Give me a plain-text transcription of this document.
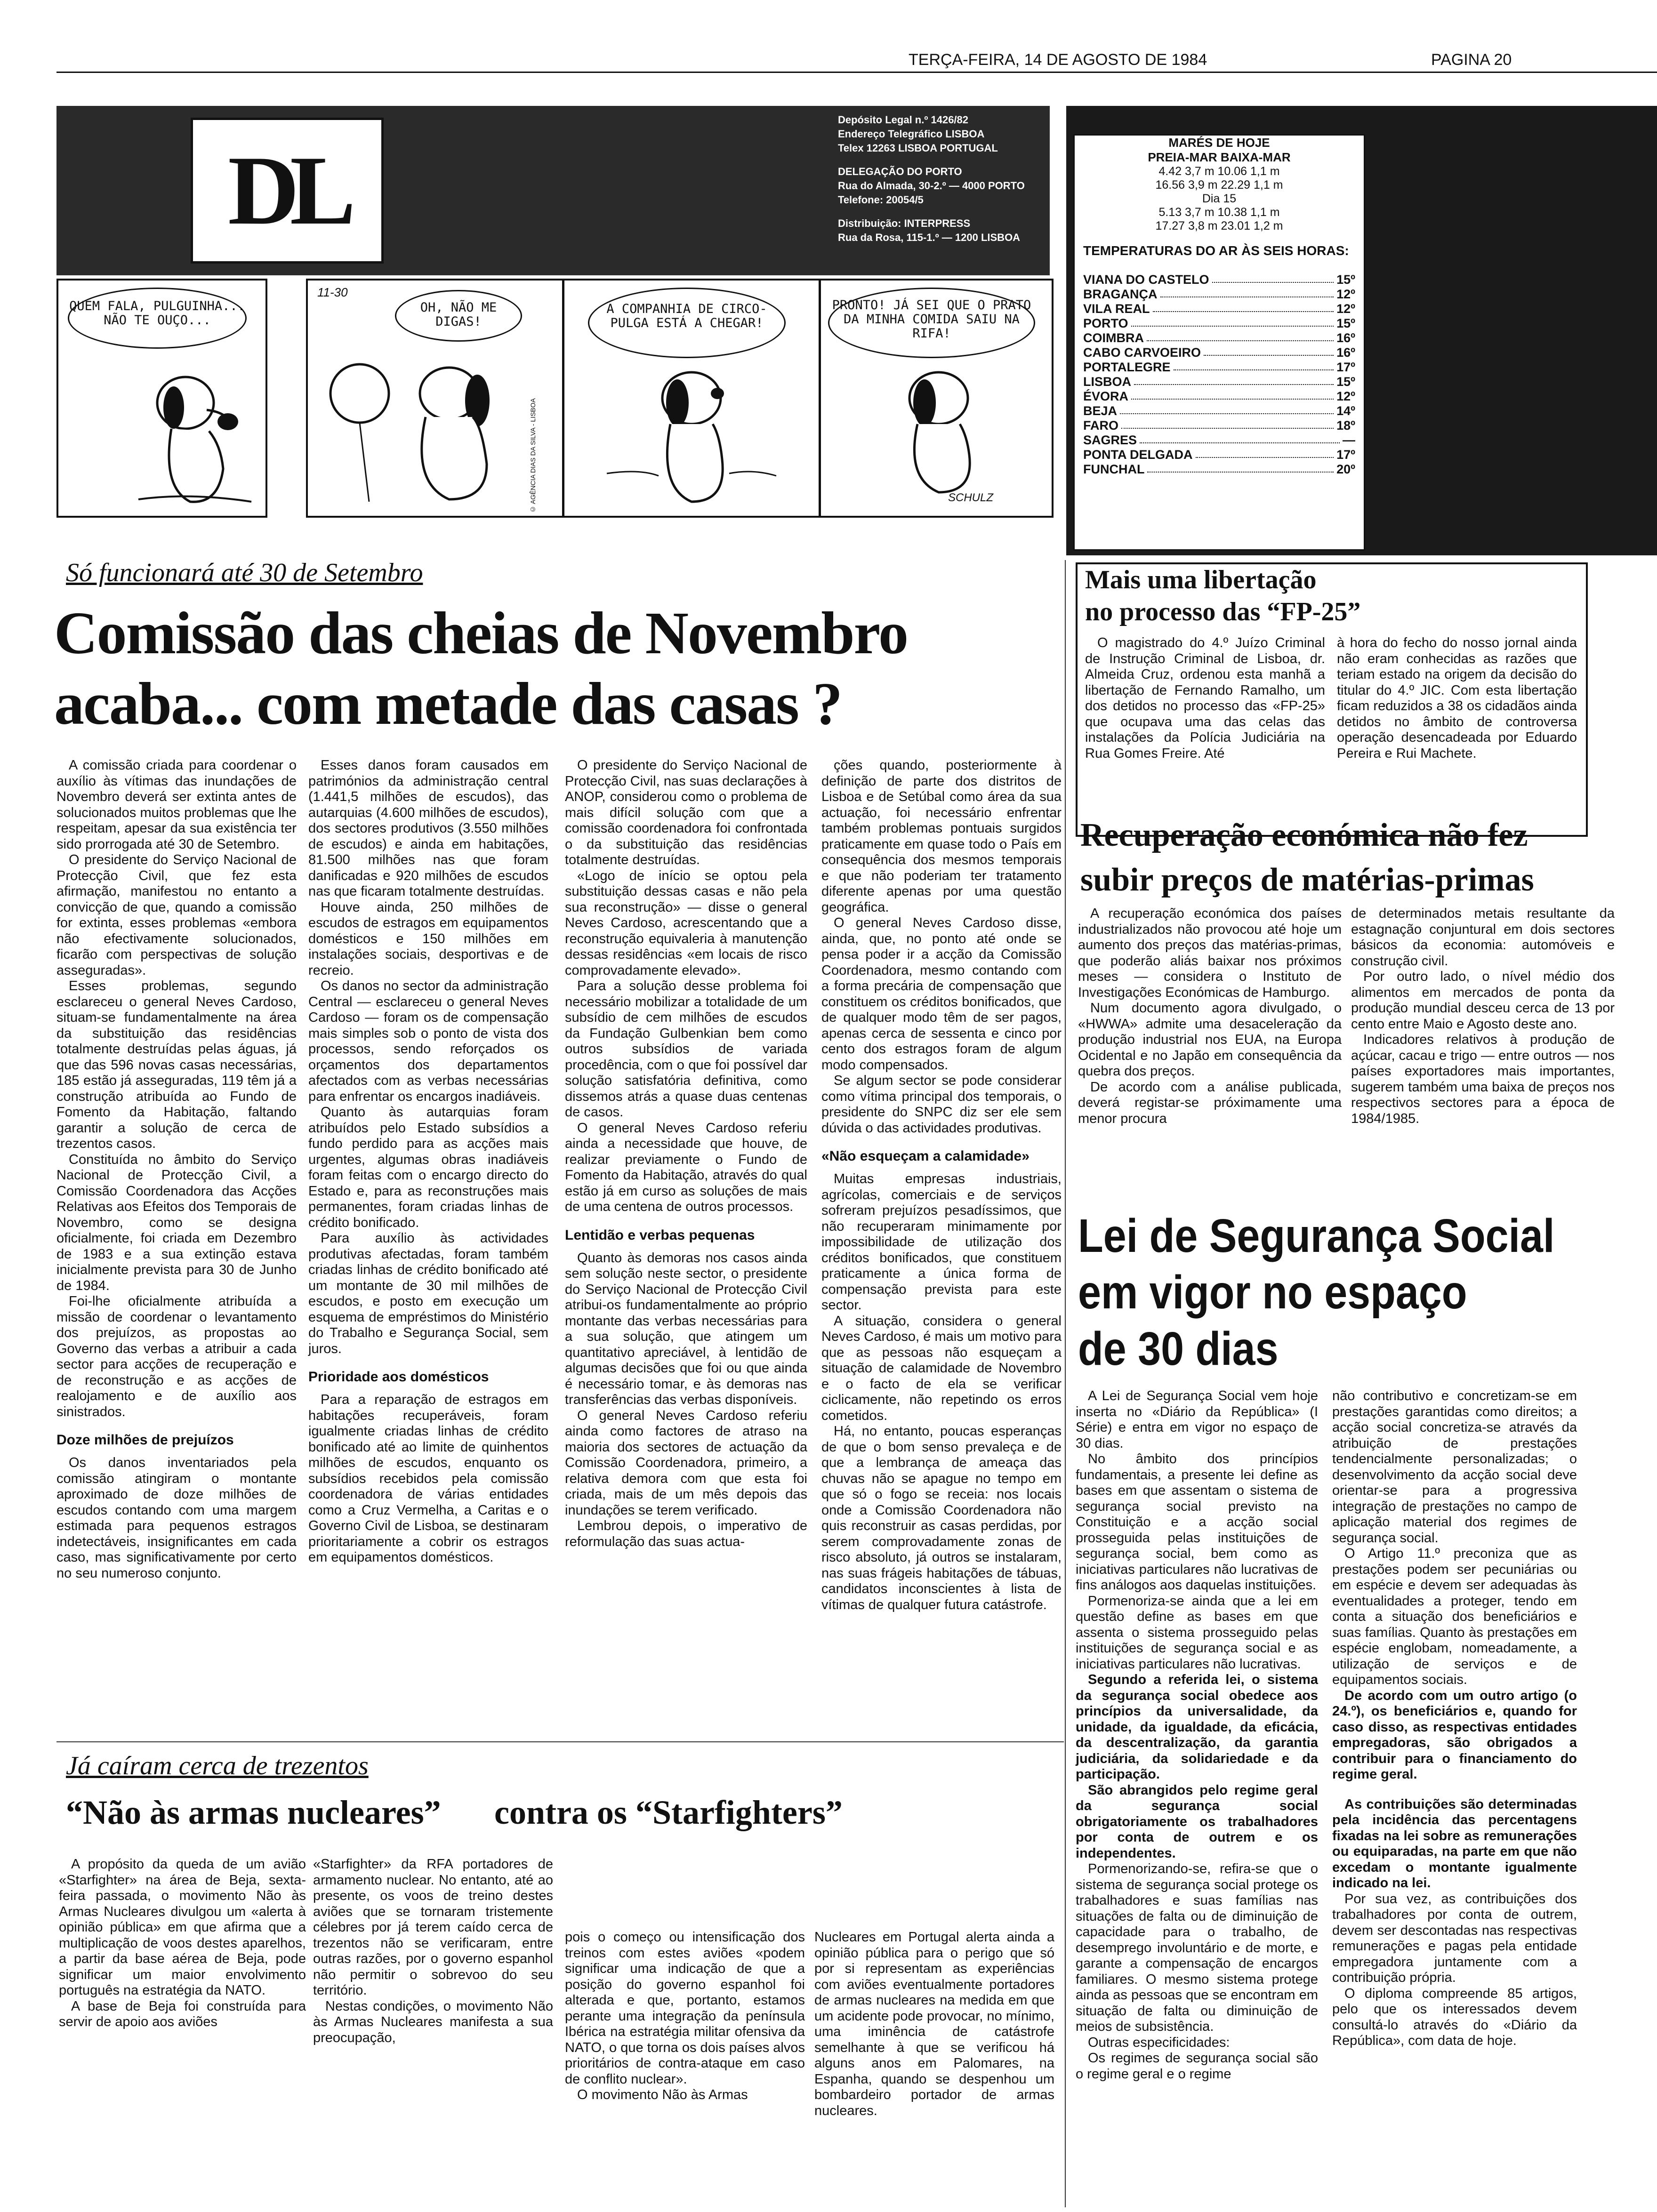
TERÇA-FEIRA, 14 DE AGOSTO DE 1984	PAGINA 20
DL
Depósito Legal n.º 1426/82
Endereço Telegráfico LISBOA
Telex 12263 LISBOA PORTUGAL
DELEGAÇÃO DO PORTO
Rua do Almada, 30-2.º — 4000 PORTO
Telefone: 20054/5
Distribuição: INTERPRESS
Rua da Rosa, 115-1.º — 1200 LISBOA
MARÉS DE HOJE
PREIA-MAR BAIXA-MAR
4.42 3,7 m 10.06 1,1 m
16.56 3,9 m 22.29 1,1 m
Dia 15
5.13 3,7 m 10.38 1,1 m
17.27 3,8 m 23.01 1,2 m
TEMPERATURAS DO AR ÀS SEIS HORAS:
VIANA DO CASTELO	15º
BRAGANÇA	12º
VILA REAL	12º
PORTO	15º
COIMBRA	16º
CABO CARVOEIRO	16º
PORTALEGRE	17º
LISBOA	15º
ÉVORA	12º
BEJA	14º
FARO	18º
SAGRES	—
PONTA DELGADA	17º
FUNCHAL	20º
QUEM FALA, PULGUINHA... NÃO TE OUÇO...
11-30
OH, NÃO ME DIGAS!
© AGÊNCIA DIAS DA SILVA - LISBOA
A COMPANHIA DE CIRCO-PULGA ESTÁ A CHEGAR!
PRONTO! JÁ SEI QUE O PRATO DA MINHA COMIDA SAIU NA RIFA!
SCHULZ
Só funcionará até 30 de Setembro
Comissão das cheias de Novembro
acaba... com metade das casas ?

A comissão criada para coordenar o auxílio às vítimas das inundações de Novembro deverá ser extinta antes de solucionados muitos problemas que lhe respeitam, apesar da sua existência ter sido prorrogada até 30 de Setembro.

O presidente do Serviço Nacional de Protecção Civil, que fez esta afirmação, manifestou no entanto a convicção de que, quando a comissão for extinta, esses problemas «embora não efectivamente solucionados, ficarão com perspectivas de solução asseguradas».

Esses problemas, segundo esclareceu o general Neves Cardoso, situam-se fundamentalmente na área da substituição das residências totalmente destruídas pelas águas, já que das 596 novas casas necessárias, 185 estão já asseguradas, 119 têm já a construção atribuída ao Fundo de Fomento da Habitação, faltando garantir a solução de cerca de trezentos casos.

Constituída no âmbito do Serviço Nacional de Protecção Civil, a Comissão Coordenadora das Acções Relativas aos Efeitos dos Temporais de Novembro, como se designa oficialmente, foi criada em Dezembro de 1983 e a sua extinção estava inicialmente prevista para 30 de Junho de 1984.

Foi-lhe oficialmente atribuída a missão de coordenar o levantamento dos prejuízos, as propostas ao Governo das verbas a atribuir a cada sector para acções de recuperação e de reconstrução e as acções de realojamento e de auxílio aos sinistrados.

Doze milhões de prejuízos

Os danos inventariados pela comissão atingiram o montante aproximado de doze milhões de escudos contando com uma margem estimada para pequenos estragos indetectáveis, insignificantes em cada caso, mas significativamente por certo no seu numeroso conjunto.

Esses danos foram causados em patrimónios da administração central (1.441,5 milhões de escudos), das autarquias (4.600 milhões de escudos), dos sectores produtivos (3.550 milhões de escudos) e ainda em habitações, 81.500 milhões nas que foram danificadas e 920 milhões de escudos nas que ficaram totalmente destruídas.

Houve ainda, 250 milhões de escudos de estragos em equipamentos domésticos e 150 milhões em instalações sociais, desportivas e de recreio.

Os danos no sector da administração Central — esclareceu o general Neves Cardoso — foram os de compensação mais simples sob o ponto de vista dos processos, sendo reforçados os orçamentos dos departamentos afectados com as verbas necessárias para enfrentar os encargos inadiáveis.

Quanto às autarquias foram atribuídos pelo Estado subsídios a fundo perdido para as acções mais urgentes, algumas obras inadiáveis foram feitas com o encargo directo do Estado e, para as reconstruções mais permanentes, foram criadas linhas de crédito bonificado.

Para auxílio às actividades produtivas afectadas, foram também criadas linhas de crédito bonificado até um montante de 30 mil milhões de escudos, e posto em execução um esquema de empréstimos do Ministério do Trabalho e Segurança Social, sem juros.

Prioridade aos domésticos

Para a reparação de estragos em habitações recuperáveis, foram igualmente criadas linhas de crédito bonificado até ao limite de quinhentos milhões de escudos, enquanto os subsídios recebidos pela comissão coordenadora de várias entidades como a Cruz Vermelha, a Caritas e o Governo Civil de Lisboa, se destinaram prioritariamente a cobrir os estragos em equipamentos domésticos.

O presidente do Serviço Nacional de Protecção Civil, nas suas declarações à ANOP, considerou como o problema de mais difícil solução com que a comissão coordenadora foi confrontada o da substituição das residências totalmente destruídas.

«Logo de início se optou pela substituição dessas casas e não pela sua reconstrução» — disse o general Neves Cardoso, acrescentando que a reconstrução equivaleria à manutenção dessas residências «em locais de risco comprovadamente elevado».

Para a solução desse problema foi necessário mobilizar a totalidade de um subsídio de cem milhões de escudos da Fundação Gulbenkian bem como outros subsídios de variada procedência, com o que foi possível dar solução satisfatória definitiva, como dissemos atrás a quase duas centenas de casos.

O general Neves Cardoso referiu ainda a necessidade que houve, de realizar previamente o Fundo de Fomento da Habitação, através do qual estão já em curso as soluções de mais de uma centena de outros processos.

Lentidão e verbas pequenas

Quanto às demoras nos casos ainda sem solução neste sector, o presidente do Serviço Nacional de Protecção Civil atribui-os fundamentalmente ao próprio montante das verbas necessárias para a sua solução, que atingem um quantitativo apreciável, à lentidão de algumas decisões que foi ou que ainda é necessário tomar, e às demoras nas transferências das verbas disponíveis.

O general Neves Cardoso referiu ainda como factores de atraso na maioria dos sectores de actuação da Comissão Coordenadora, primeiro, a relativa demora com que esta foi criada, mais de um mês depois das inundações se terem verificado.

Lembrou depois, o imperativo de reformulação das suas actua-

ções quando, posteriormente à definição de parte dos distritos de Lisboa e de Setúbal como área da sua actuação, foi necessário enfrentar também problemas pontuais surgidos praticamente em quase todo o País em consequência dos mesmos temporais e que não poderiam ter tratamento diferente apenas por uma questão geográfica.

O general Neves Cardoso disse, ainda, que, no ponto até onde se pensa poder ir a acção da Comissão Coordenadora, mesmo contando com a forma precária de compensação que constituem os créditos bonificados, que de qualquer modo têm de ser pagos, apenas cerca de sessenta e cinco por cento dos estragos foram de algum modo compensados.

Se algum sector se pode considerar como vítima principal dos temporais, o presidente do SNPC diz ser ele sem dúvida o das actividades produtivas.

«Não esqueçam a calamidade»

Muitas empresas industriais, agrícolas, comerciais e de serviços sofreram prejuízos pesadíssimos, que não recuperaram minimamente por impossibilidade de utilização dos créditos bonificados, que constituem praticamente a única forma de compensação prevista para este sector.

A situação, considera o general Neves Cardoso, é mais um motivo para que as pessoas não esqueçam a situação de calamidade de Novembro e o facto de ela se verificar ciclicamente, não repetindo os erros cometidos.

Há, no entanto, poucas esperanças de que o bom senso prevaleça e de que a lembrança de ameaça das chuvas não se apague no tempo em que só o fogo se receia: nos locais onde a Comissão Coordenadora não quis reconstruir as casas perdidas, por serem comprovadamente zonas de risco absoluto, já outros se instalaram, nas suas frágeis habitações de tábuas, candidatos inconscientes à lista de vítimas de qualquer futura catástrofe.

Mais uma libertação
no processo das “FP-25”

O magistrado do 4.º Juízo Criminal de Instrução Criminal de Lisboa, dr. Almeida Cruz, ordenou esta manhã a libertação de Fernando Ramalho, um dos detidos no processo das «FP-25» que ocupava uma das celas das instalações da Polícia Judiciária na Rua Gomes Freire. Até

à hora do fecho do nosso jornal ainda não eram conhecidas as razões que teriam estado na origem da decisão do titular do 4.º JIC. Com esta libertação ficam reduzidos a 38 os cidadãos ainda detidos no âmbito de controversa operação desencadeada por Eduardo Pereira e Rui Machete.

Recuperação económica não fez
subir preços de matérias-primas

A recuperação económica dos países industrializados não provocou até hoje um aumento dos preços das matérias-primas, que poderão aliás baixar nos próximos meses — considera o Instituto de Investigações Económicas de Hamburgo.

Num documento agora divulgado, o «HWWA» admite uma desaceleração da produção industrial nos EUA, na Europa Ocidental e no Japão em consequência da quebra dos preços.

De acordo com a análise publicada, deverá registar-se próximamente uma menor procura

de determinados metais resultante da estagnação conjuntural em dois sectores básicos da economia: automóveis e construção civil.

Por outro lado, o nível médio dos alimentos em mercados de ponta da produção mundial desceu cerca de 13 por cento entre Maio e Agosto deste ano.

Indicadores relativos à produção de açúcar, cacau e trigo — entre outros — nos países exportadores mais importantes, sugerem também uma baixa de preços nos respectivos sectores para a época de 1984/1985.

Lei de Segurança Social
em vigor no espaço
de 30 dias

A Lei de Segurança Social vem hoje inserta no «Diário da República» (I Série) e entra em vigor no espaço de 30 dias.

No âmbito dos princípios fundamentais, a presente lei define as bases em que assentam o sistema de segurança social previsto na Constituição e a acção social prosseguida pelas instituições de segurança social, bem como as iniciativas particulares não lucrativas de fins análogos aos daquelas instituições.

Pormenoriza-se ainda que a lei em questão define as bases em que assenta o sistema prosseguido pelas instituições de segurança social e as iniciativas particulares não lucrativas.

Segundo a referida lei, o sistema da segurança social obedece aos princípios da universalidade, da unidade, da igualdade, da eficácia, da descentralização, da garantia judiciária, da solidariedade e da participação.

São abrangidos pelo regime geral da segurança social obrigatoriamente os trabalhadores por conta de outrem e os independentes.

Pormenorizando-se, refira-se que o sistema de segurança social protege os trabalhadores e suas famílias nas situações de falta ou de diminuição de capacidade para o trabalho, de desemprego involuntário e de morte, e garante a compensação de encargos familiares. O mesmo sistema protege ainda as pessoas que se encontram em situação de falta ou diminuição de meios de subsistência.

Outras especificidades:

Os regimes de segurança social são o regime geral e o regime

não contributivo e concretizam-se em prestações garantidas como direitos; a acção social concretiza-se através da atribuição de prestações tendencialmente personalizadas; o desenvolvimento da acção social deve orientar-se para a progressiva integração de prestações no campo de aplicação material dos regimes de segurança social.

O Artigo 11.º preconiza que as prestações podem ser pecuniárias ou em espécie e devem ser adequadas às eventualidades a proteger, tendo em conta a situação dos beneficiários e suas famílias. Quanto às prestações em espécie englobam, nomeadamente, a utilização de serviços e de equipamentos sociais.

De acordo com um outro artigo (o 24.º), os beneficiários e, quando for caso disso, as respectivas entidades empregadoras, são obrigados a contribuir para o financiamento do regime geral.

As contribuições são determinadas pela incidência das percentagens fixadas na lei sobre as remunerações ou equiparadas, na parte em que não excedam o montante igualmente indicado na lei.

Por sua vez, as contribuições dos trabalhadores por conta de outrem, devem ser descontadas nas respectivas remunerações e pagas pela entidade empregadora juntamente com a contribuição própria.

O diploma compreende 85 artigos, pelo que os interessados devem consultá-lo através do «Diário da República», com data de hoje.

Já caíram cerca de trezentos
“Não às armas nucleares” contra os “Starfighters”

A propósito da queda de um avião «Starfighter» na área de Beja, sexta-feira passada, o movimento Não às Armas Nucleares divulgou um «alerta à opinião pública» em que afirma que a multiplicação de voos destes aparelhos, a partir da base aérea de Beja, pode significar um maior envolvimento português na estratégia da NATO.

A base de Beja foi construída para servir de apoio aos aviões

«Starfighter» da RFA portadores de armamento nuclear. No entanto, até ao presente, os voos de treino destes aviões que se tornaram tristemente célebres por já terem caído cerca de trezentos não se verificaram, entre outras razões, por o governo espanhol não permitir o sobrevoo do seu território.

Nestas condições, o movimento Não às Armas Nucleares manifesta a sua preocupação,

pois o começo ou intensificação dos treinos com estes aviões «podem significar uma indicação de que a posição do governo espanhol foi alterada e que, portanto, estamos perante uma integração da península Ibérica na estratégia militar ofensiva da NATO, o que torna os dois países alvos prioritários de contra-ataque em caso de conflito nuclear».

O movimento Não às Armas

Nucleares em Portugal alerta ainda a opinião pública para o perigo que só por si representam as experiências com aviões eventualmente portadores de armas nucleares na medida em que um acidente pode provocar, no mínimo, uma iminência de catástrofe semelhante à que se verificou há alguns anos em Palomares, na Espanha, quando se despenhou um bombardeiro portador de armas nucleares.
